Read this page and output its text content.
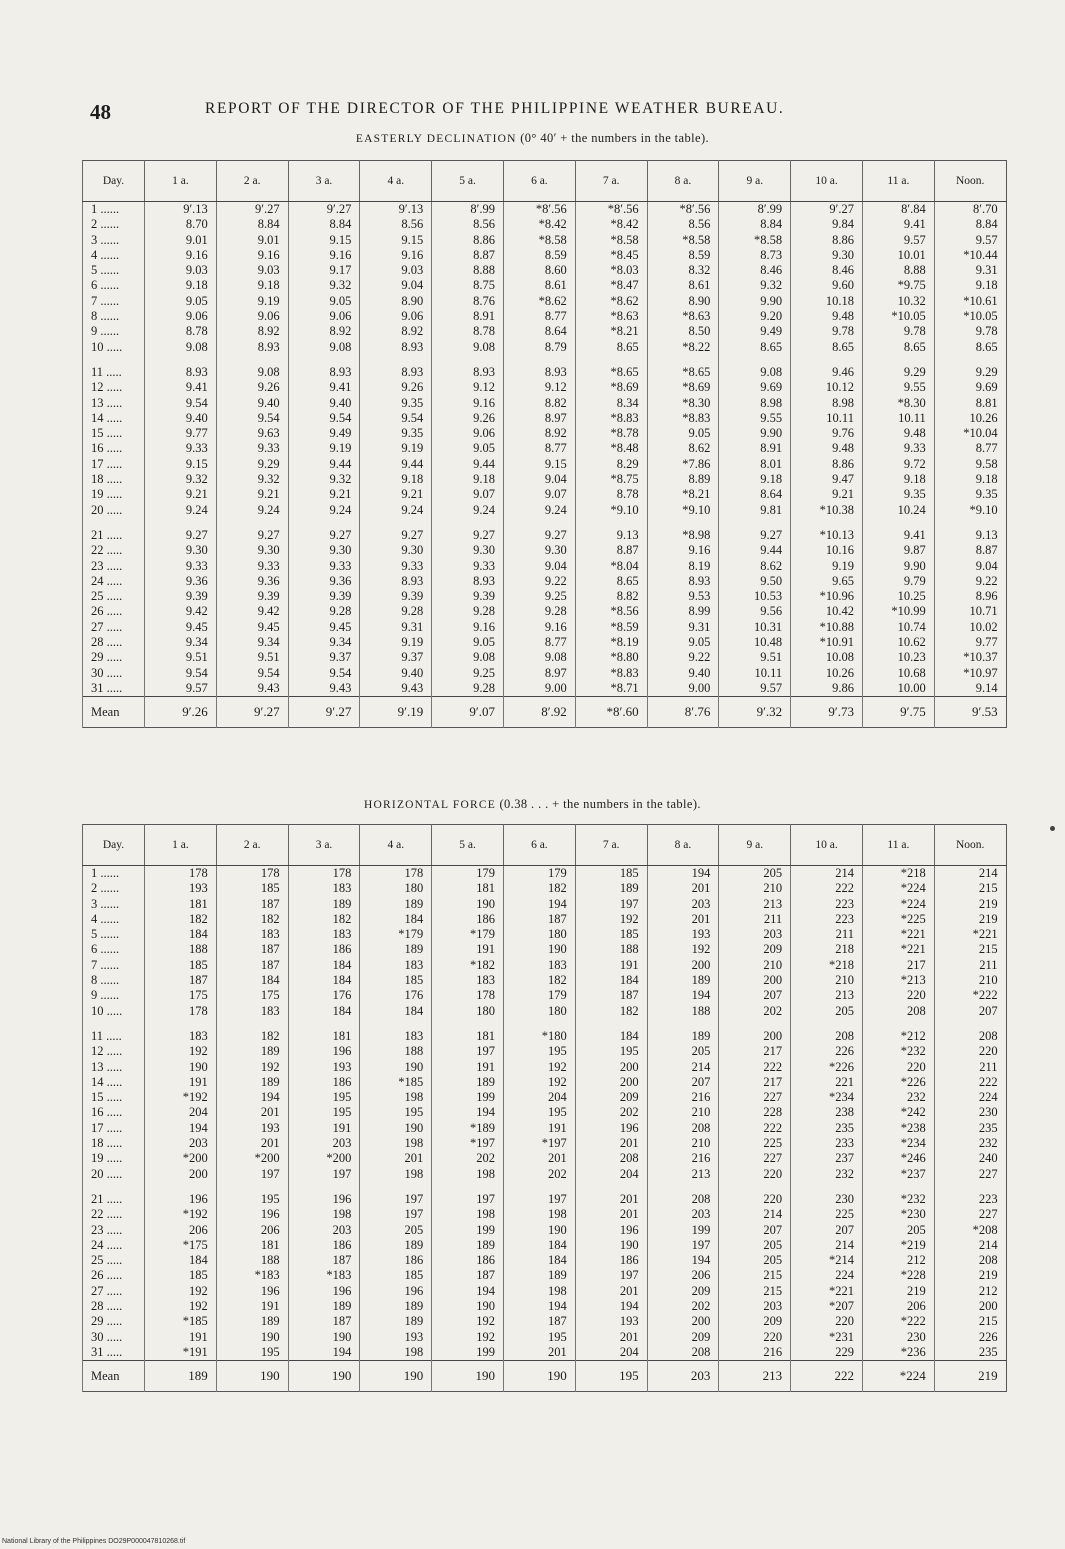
48	REPORT OF THE DIRECTOR OF THE PHILIPPINE WEATHER BUREAU.
EASTERLY DECLINATION (0° 40′ + the numbers in the table).
Day.	1 a.	2 a.	3 a.	4 a.	5 a.	6 a.	7 a.	8 a.	9 a.	10 a.	11 a.	Noon.
1 ......	9′.13	9′.27	9′.27	9′.13	8′.99	*8′.56	*8′.56	*8′.56	8′.99	9′.27	8′.84	8′.70
2 ......	8.70	8.84	8.84	8.56	8.56	*8.42	*8.42	8.56	8.84	9.84	9.41	8.84
3 ......	9.01	9.01	9.15	9.15	8.86	*8.58	*8.58	*8.58	*8.58	8.86	9.57	9.57
4 ......	9.16	9.16	9.16	9.16	8.87	8.59	*8.45	8.59	8.73	9.30	10.01	*10.44
5 ......	9.03	9.03	9.17	9.03	8.88	8.60	*8.03	8.32	8.46	8.46	8.88	9.31
6 ......	9.18	9.18	9.32	9.04	8.75	8.61	*8.47	8.61	9.32	9.60	*9.75	9.18
7 ......	9.05	9.19	9.05	8.90	8.76	*8.62	*8.62	8.90	9.90	10.18	10.32	*10.61
8 ......	9.06	9.06	9.06	9.06	8.91	8.77	*8.63	*8.63	9.20	9.48	*10.05	*10.05
9 ......	8.78	8.92	8.92	8.92	8.78	8.64	*8.21	8.50	9.49	9.78	9.78	9.78
10 .....	9.08	8.93	9.08	8.93	9.08	8.79	8.65	*8.22	8.65	8.65	8.65	8.65
11 .....	8.93	9.08	8.93	8.93	8.93	8.93	*8.65	*8.65	9.08	9.46	9.29	9.29
12 .....	9.41	9.26	9.41	9.26	9.12	9.12	*8.69	*8.69	9.69	10.12	9.55	9.69
13 .....	9.54	9.40	9.40	9.35	9.16	8.82	8.34	*8.30	8.98	8.98	*8.30	8.81
14 .....	9.40	9.54	9.54	9.54	9.26	8.97	*8.83	*8.83	9.55	10.11	10.11	10.26
15 .....	9.77	9.63	9.49	9.35	9.06	8.92	*8.78	9.05	9.90	9.76	9.48	*10.04
16 .....	9.33	9.33	9.19	9.19	9.05	8.77	*8.48	8.62	8.91	9.48	9.33	8.77
17 .....	9.15	9.29	9.44	9.44	9.44	9.15	8.29	*7.86	8.01	8.86	9.72	9.58
18 .....	9.32	9.32	9.32	9.18	9.18	9.04	*8.75	8.89	9.18	9.47	9.18	9.18
19 .....	9.21	9.21	9.21	9.21	9.07	9.07	8.78	*8.21	8.64	9.21	9.35	9.35
20 .....	9.24	9.24	9.24	9.24	9.24	9.24	*9.10	*9.10	9.81	*10.38	10.24	*9.10
21 .....	9.27	9.27	9.27	9.27	9.27	9.27	9.13	*8.98	9.27	*10.13	9.41	9.13
22 .....	9.30	9.30	9.30	9.30	9.30	9.30	8.87	9.16	9.44	10.16	9.87	8.87
23 .....	9.33	9.33	9.33	9.33	9.33	9.04	*8.04	8.19	8.62	9.19	9.90	9.04
24 .....	9.36	9.36	9.36	8.93	8.93	9.22	8.65	8.93	9.50	9.65	9.79	9.22
25 .....	9.39	9.39	9.39	9.39	9.39	9.25	8.82	9.53	10.53	*10.96	10.25	8.96
26 .....	9.42	9.42	9.28	9.28	9.28	9.28	*8.56	8.99	9.56	10.42	*10.99	10.71
27 .....	9.45	9.45	9.45	9.31	9.16	9.16	*8.59	9.31	10.31	*10.88	10.74	10.02
28 .....	9.34	9.34	9.34	9.19	9.05	8.77	*8.19	9.05	10.48	*10.91	10.62	9.77
29 .....	9.51	9.51	9.37	9.37	9.08	9.08	*8.80	9.22	9.51	10.08	10.23	*10.37
30 .....	9.54	9.54	9.54	9.40	9.25	8.97	*8.83	9.40	10.11	10.26	10.68	*10.97
31 .....	9.57	9.43	9.43	9.43	9.28	9.00	*8.71	9.00	9.57	9.86	10.00	9.14
Mean	9′.26	9′.27	9′.27	9′.19	9′.07	8′.92	*8′.60	8′.76	9′.32	9′.73	9′.75	9′.53
HORIZONTAL FORCE (0.38 . . . + the numbers in the table).
Day.	1 a.	2 a.	3 a.	4 a.	5 a.	6 a.	7 a.	8 a.	9 a.	10 a.	11 a.	Noon.
1 ......	178	178	178	178	179	179	185	194	205	214	*218	214
2 ......	193	185	183	180	181	182	189	201	210	222	*224	215
3 ......	181	187	189	189	190	194	197	203	213	223	*224	219
4 ......	182	182	182	184	186	187	192	201	211	223	*225	219
5 ......	184	183	183	*179	*179	180	185	193	203	211	*221	*221
6 ......	188	187	186	189	191	190	188	192	209	218	*221	215
7 ......	185	187	184	183	*182	183	191	200	210	*218	217	211
8 ......	187	184	184	185	183	182	184	189	200	210	*213	210
9 ......	175	175	176	176	178	179	187	194	207	213	220	*222
10 .....	178	183	184	184	180	180	182	188	202	205	208	207
11 .....	183	182	181	183	181	*180	184	189	200	208	*212	208
12 .....	192	189	196	188	197	195	195	205	217	226	*232	220
13 .....	190	192	193	190	191	192	200	214	222	*226	220	211
14 .....	191	189	186	*185	189	192	200	207	217	221	*226	222
15 .....	*192	194	195	198	199	204	209	216	227	*234	232	224
16 .....	204	201	195	195	194	195	202	210	228	238	*242	230
17 .....	194	193	191	190	*189	191	196	208	222	235	*238	235
18 .....	203	201	203	198	*197	*197	201	210	225	233	*234	232
19 .....	*200	*200	*200	201	202	201	208	216	227	237	*246	240
20 .....	200	197	197	198	198	202	204	213	220	232	*237	227
21 .....	196	195	196	197	197	197	201	208	220	230	*232	223
22 .....	*192	196	198	197	198	198	201	203	214	225	*230	227
23 .....	206	206	203	205	199	190	196	199	207	207	205	*208
24 .....	*175	181	186	189	189	184	190	197	205	214	*219	214
25 .....	184	188	187	186	186	184	186	194	205	*214	212	208
26 .....	185	*183	*183	185	187	189	197	206	215	224	*228	219
27 .....	192	196	196	196	194	198	201	209	215	*221	219	212
28 .....	192	191	189	189	190	194	194	202	203	*207	206	200
29 .....	*185	189	187	189	192	187	193	200	209	220	*222	215
30 .....	191	190	190	193	192	195	201	209	220	*231	230	226
31 .....	*191	195	194	198	199	201	204	208	216	229	*236	235
Mean	189	190	190	190	190	190	195	203	213	222	*224	219
National Library of the Philippines DO29P000047810268.tif
